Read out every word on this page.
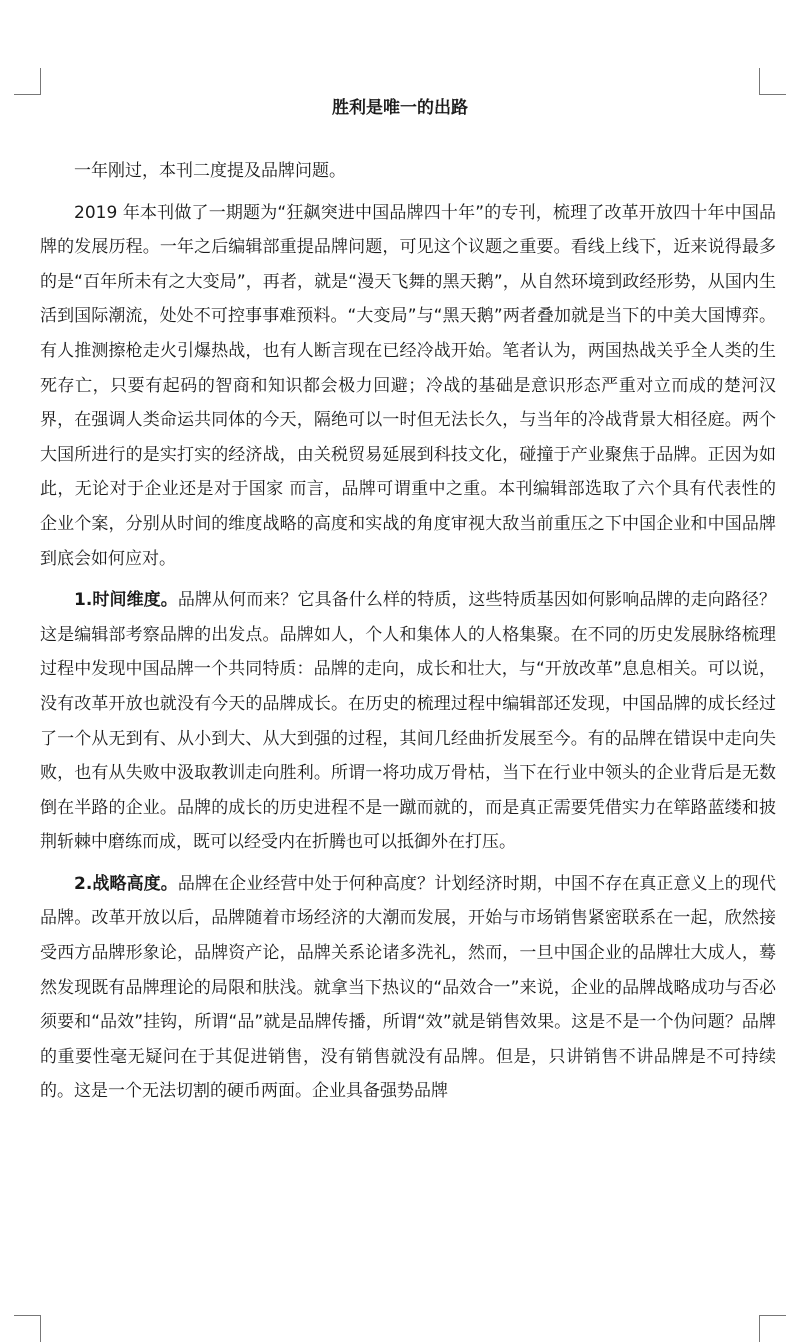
胜利是唯一的出路

一年刚过，本刊二度提及品牌问题。

2019 年本刊做了一期题为“狂飙突进中国品牌四十年”的专刊，梳理了改革开放四十年中国品牌的发展历程。一年之后编辑部重提品牌问题，可见这个议题之重要。看线上线下，近来说得最多的是“百年所未有之大变局”，再者，就是“漫天飞舞的黑天鹅”，从自然环境到政经形势，从国内生活到国际潮流，处处不可控事事难预料。“大变局”与“黑天鹅”两者叠加就是当下的中美大国博弈。有人推测擦枪走火引爆热战，也有人断言现在已经冷战开始。笔者认为，两国热战关乎全人类的生死存亡，只要有起码的智商和知识都会极力回避；冷战的基础是意识形态严重对立而成的楚河汉界，在强调人类命运共同体的今天，隔绝可以一时但无法长久，与当年的冷战背景大相径庭。两个大国所进行的是实打实的经济战，由关税贸易延展到科技文化，碰撞于产业聚焦于品牌。正因为如此，无论对于企业还是对于国家 而言，品牌可谓重中之重。本刊编辑部选取了六个具有代表性的企业个案，分别从时间的维度战略的高度和实战的角度审视大敌当前重压之下中国企业和中国品牌到底会如何应对。

1.时间维度。品牌从何而来？它具备什么样的特质，这些特质基因如何影响品牌的走向路径？这是编辑部考察品牌的出发点。品牌如人，个人和集体人的人格集聚。在不同的历史发展脉络梳理过程中发现中国品牌一个共同特质：品牌的走向，成长和壮大，与“开放改革”息息相关。可以说，没有改革开放也就没有今天的品牌成长。在历史的梳理过程中编辑部还发现，中国品牌的成长经过了一个从无到有、从小到大、从大到强的过程，其间几经曲折发展至今。有的品牌在错误中走向失败，也有从失败中汲取教训走向胜利。所谓一将功成万骨枯，当下在行业中领头的企业背后是无数倒在半路的企业。品牌的成长的历史进程不是一蹴而就的，而是真正需要凭借实力在筚路蓝缕和披荆斩棘中磨练而成，既可以经受内在折腾也可以抵御外在打压。

2.战略高度。品牌在企业经营中处于何种高度？计划经济时期，中国不存在真正意义上的现代品牌。改革开放以后，品牌随着市场经济的大潮而发展，开始与市场销售紧密联系在一起，欣然接受西方品牌形象论，品牌资产论，品牌关系论诸多洗礼，然而，一旦中国企业的品牌壮大成人，蓦然发现既有品牌理论的局限和肤浅。就拿当下热议的“品效合一”来说，企业的品牌战略成功与否必须要和“品效”挂钩，所谓“品”就是品牌传播，所谓“效”就是销售效果。这是不是一个伪问题？品牌的重要性毫无疑问在于其促进销售，没有销售就没有品牌。但是，只讲销售不讲品牌是不可持续的。这是一个无法切割的硬币两面。企业具备强势品牌
